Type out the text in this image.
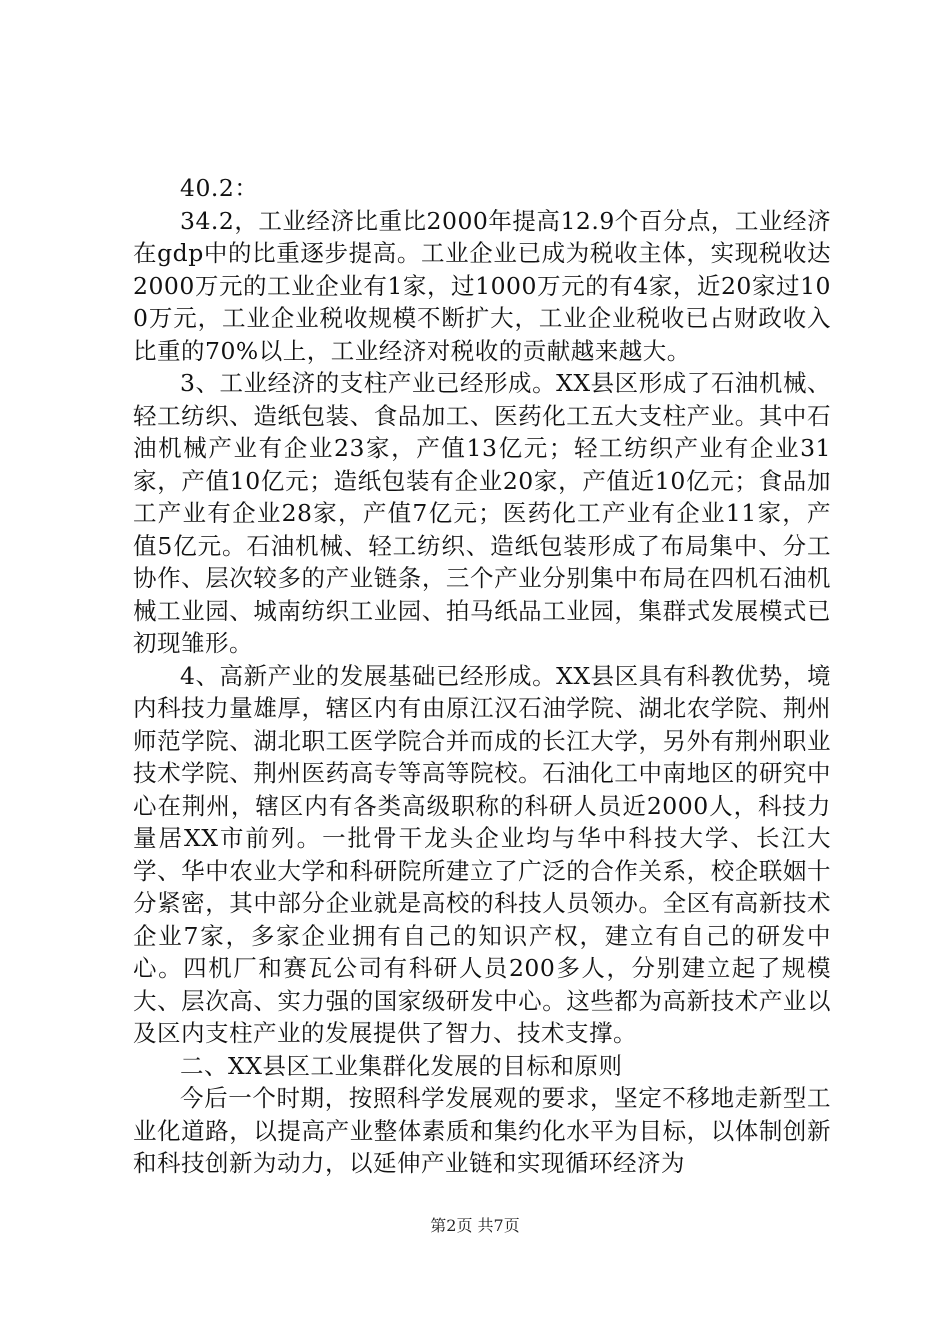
40.2：

34.2，工业经济比重比2000年提高12.9个百分点，工业经济在gdp中的比重逐步提高。工业企业已成为税收主体，实现税收达2000万元的工业企业有1家，过1000万元的有4家，近20家过100万元，工业企业税收规模不断扩大，工业企业税收已占财政收入比重的70%以上，工业经济对税收的贡献越来越大。

3、工业经济的支柱产业已经形成。XX县区形成了石油机械、轻工纺织、造纸包装、食品加工、医药化工五大支柱产业。其中石油机械产业有企业23家，产值13亿元；轻工纺织产业有企业31家，产值10亿元；造纸包装有企业20家，产值近10亿元；食品加工产业有企业28家，产值7亿元；医药化工产业有企业11家，产值5亿元。石油机械、轻工纺织、造纸包装形成了布局集中、分工协作、层次较多的产业链条，三个产业分别集中布局在四机石油机械工业园、城南纺织工业园、拍马纸品工业园，集群式发展模式已初现雏形。

4、高新产业的发展基础已经形成。XX县区具有科教优势，境内科技力量雄厚，辖区内有由原江汉石油学院、湖北农学院、荆州师范学院、湖北职工医学院合并而成的长江大学，另外有荆州职业技术学院、荆州医药高专等高等院校。石油化工中南地区的研究中心在荆州，辖区内有各类高级职称的科研人员近2000人，科技力量居XX市前列。一批骨干龙头企业均与华中科技大学、长江大学、华中农业大学和科研院所建立了广泛的合作关系，校企联姻十分紧密，其中部分企业就是高校的科技人员领办。全区有高新技术企业7家，多家企业拥有自己的知识产权，建立有自己的研发中心。四机厂和赛瓦公司有科研人员200多人，分别建立起了规模大、层次高、实力强的国家级研发中心。这些都为高新技术产业以及区内支柱产业的发展提供了智力、技术支撑。

二、XX县区工业集群化发展的目标和原则

今后一个时期，按照科学发展观的要求，坚定不移地走新型工业化道路，以提高产业整体素质和集约化水平为目标，以体制创新和科技创新为动力，以延伸产业链和实现循环经济为

第2页 共7页
